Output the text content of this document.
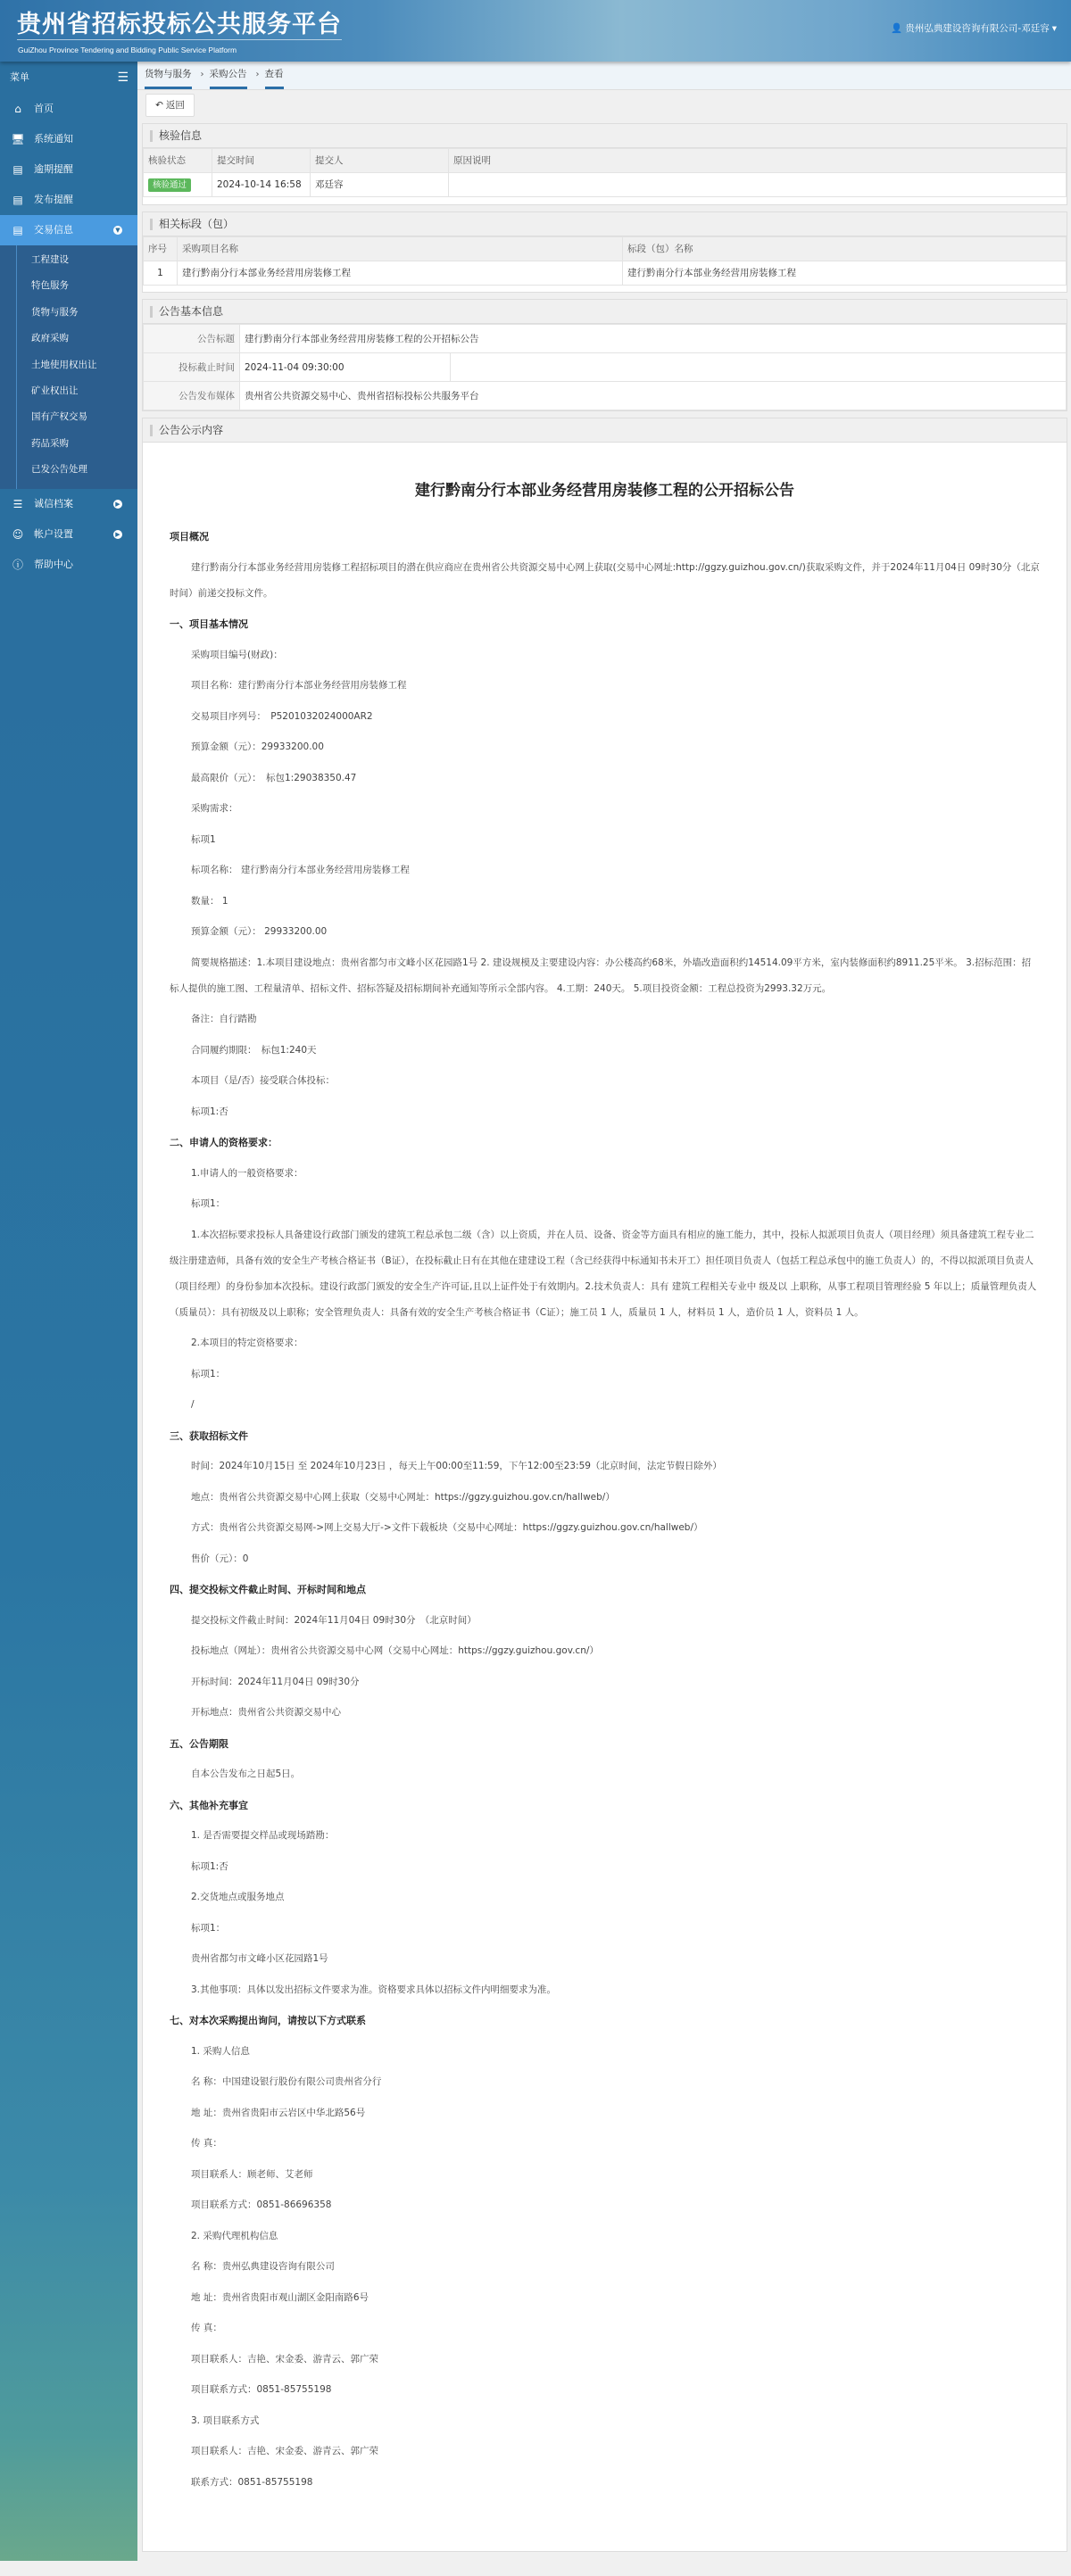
贵州省招标投标公共服务平台
GuiZhou Province Tendering and Bidding Public Service Platform
👤 贵州弘典建设咨询有限公司-邓廷容 ▾
菜单	☰
⌂	首页
🖥 系统通知
▤ 逾期提醒
▤ 发布提醒
▤ 交易信息	▼
工程建设
特色服务
货物与服务
政府采购
土地使用权出让
矿业权出让
国有产权交易
药品采购
已发公告处理
☰ 诚信档案	▶
☺ 帐户设置	▶
ⓘ 帮助中心
货物与服务	› 采购公告	› 查看
↶ 返回
核验信息
核验状态	提交时间	提交人	原因说明
核验通过	2024-10-14 16:58	邓廷容	
相关标段（包）
序号	采购项目名称	标段（包）名称
1	建行黔南分行本部业务经营用房装修工程	建行黔南分行本部业务经营用房装修工程
公告基本信息
公告标题	建行黔南分行本部业务经营用房装修工程的公开招标公告	
投标截止时间	2024-11-04 09:30:00	
公告发布媒体	贵州省公共资源交易中心、贵州省招标投标公共服务平台	
公告公示内容
建行黔南分行本部业务经营用房装修工程的公开招标公告

项目概况

建行黔南分行本部业务经营用房装修工程招标项目的潜在供应商应在贵州省公共资源交易中心网上获取(交易中心网址:http://ggzy.guizhou.gov.cn/)获取采购文件，并于2024年11月04日 09时30分（北京时间）前递交投标文件。

一、项目基本情况

采购项目编号(财政)：

项目名称：建行黔南分行本部业务经营用房装修工程

交易项目序列号：　P5201032024000AR2

预算金额（元）：29933200.00

最高限价（元）：　标包1:29038350.47

采购需求：

标项1

标项名称： 建行黔南分行本部业务经营用房装修工程

数量： 1

预算金额（元）： 29933200.00

简要规格描述：1.本项目建设地点：贵州省都匀市文峰小区花园路1号 2. 建设规模及主要建设内容：办公楼高约68米，外墙改造面积约14514.09平方米，室内装修面积约8911.25平米。 3.招标范围：招标人提供的施工图、工程量清单、招标文件、招标答疑及招标期间补充通知等所示全部内容。 4.工期：240天。 5.项目投资金额：工程总投资为2993.32万元。

备注：自行踏勘

合同履约期限：　标包1:240天

本项目（是/否）接受联合体投标：

标项1:否

二、申请人的资格要求：

1.申请人的一般资格要求：

标项1：

1.本次招标要求投标人具备建设行政部门颁发的建筑工程总承包二级（含）以上资质，并在人员、设备、资金等方面具有相应的施工能力，其中，投标人拟派项目负责人（项目经理）须具备建筑工程专业二级注册建造师，具备有效的安全生产考核合格证书（B证），在投标截止日有在其他在建建设工程（含已经获得中标通知书未开工）担任项目负责人（包括工程总承包中的施工负责人）的，不得以拟派项目负责人（项目经理）的身份参加本次投标。建设行政部门颁发的安全生产许可证,且以上证件处于有效期内。2.技术负责人：具有 建筑工程相关专业中 级及以 上职称，从事工程项目管理经验 5 年以上；质量管理负责人（质量员）：具有初级及以上职称；安全管理负责人：具备有效的安全生产考核合格证书（C证）；施工员 1 人，质量员 1 人，材料员 1 人，造价员 1 人，资料员 1 人。

2.本项目的特定资格要求：

标项1：

/

三、获取招标文件

时间：2024年10月15日 至 2024年10月23日 ，每天上午00:00至11:59，下午12:00至23:59（北京时间，法定节假日除外）

地点：贵州省公共资源交易中心网上获取（交易中心网址：https://ggzy.guizhou.gov.cn/hallweb/）

方式：贵州省公共资源交易网->网上交易大厅->文件下载板块（交易中心网址：https://ggzy.guizhou.gov.cn/hallweb/）

售价（元）：0

四、提交投标文件截止时间、开标时间和地点

提交投标文件截止时间：2024年11月04日 09时30分　（北京时间）

投标地点（网址）：贵州省公共资源交易中心网（交易中心网址：https://ggzy.guizhou.gov.cn/）

开标时间：2024年11月04日 09时30分

开标地点：贵州省公共资源交易中心

五、公告期限

自本公告发布之日起5日。

六、其他补充事宜

1. 是否需要提交样品或现场踏勘：

标项1:否

2.交货地点或服务地点

标项1：

贵州省都匀市文峰小区花园路1号

3.其他事项：具体以发出招标文件要求为准。资格要求具体以招标文件内明细要求为准。

七、对本次采购提出询问，请按以下方式联系

1. 采购人信息

名 称：中国建设银行股份有限公司贵州省分行

地 址：贵州省贵阳市云岩区中华北路56号

传 真：

项目联系人：顾老师、艾老师

项目联系方式：0851-86696358

2. 采购代理机构信息

名 称：贵州弘典建设咨询有限公司

地 址：贵州省贵阳市观山湖区金阳南路6号

传 真：

项目联系人：吉艳、宋金委、游青云、郭广荣

项目联系方式：0851-85755198

3. 项目联系方式

项目联系人：吉艳、宋金委、游青云、郭广荣

联系方式：0851-85755198
